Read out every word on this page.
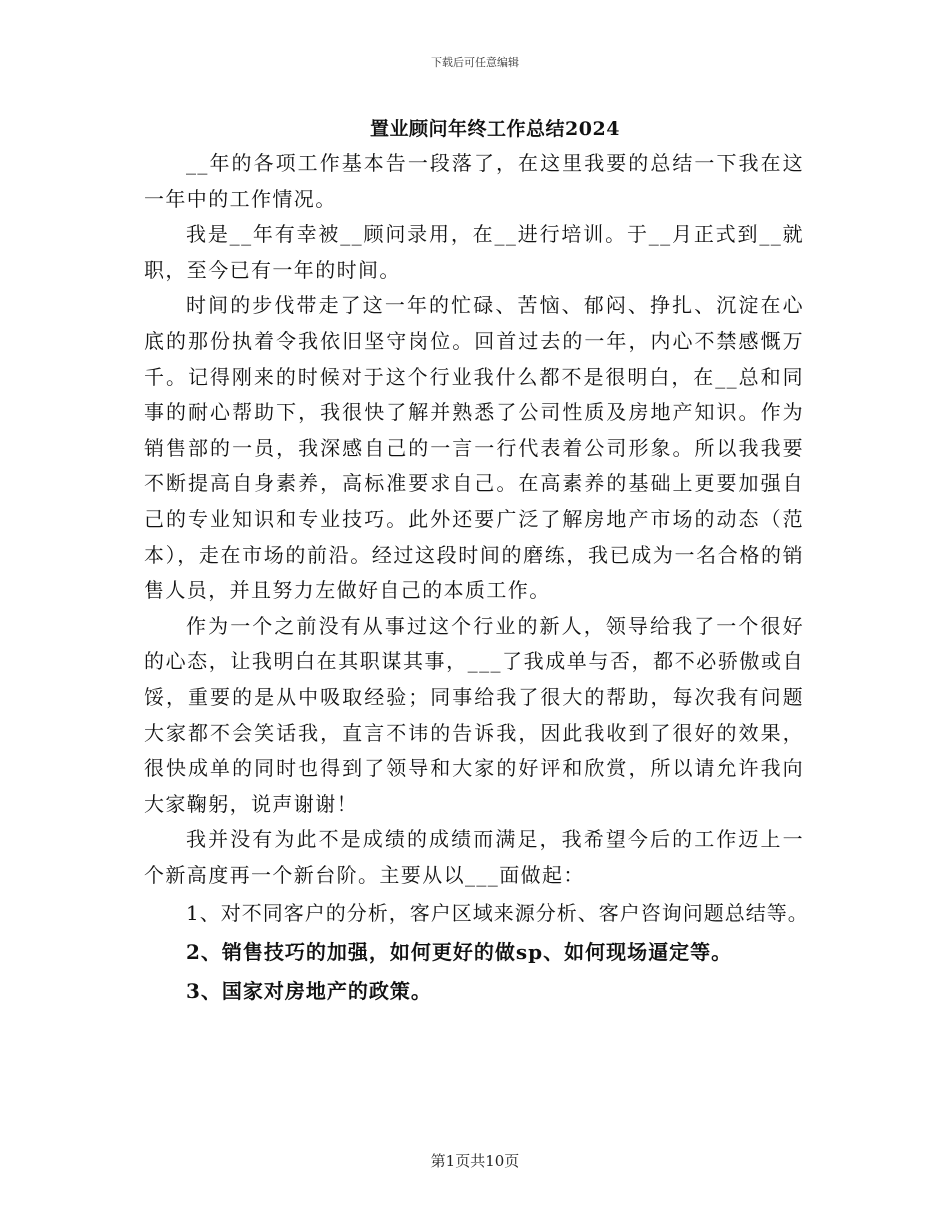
下载后可任意编辑
置业顾问年终工作总结2024

__年的各项工作基本告一段落了，在这里我要的总结一下我在这一年中的工作情况。

我是__年有幸被__顾问录用，在__进行培训。于__月正式到__就职，至今已有一年的时间。

时间的步伐带走了这一年的忙碌、苦恼、郁闷、挣扎、沉淀在心底的那份执着令我依旧坚守岗位。回首过去的一年，内心不禁感慨万千。记得刚来的时候对于这个行业我什么都不是很明白，在__总和同事的耐心帮助下，我很快了解并熟悉了公司性质及房地产知识。作为销售部的一员，我深感自己的一言一行代表着公司形象。所以我我要不断提高自身素养，高标准要求自己。在高素养的基础上更要加强自己的专业知识和专业技巧。此外还要广泛了解房地产市场的动态（范本），走在市场的前沿。经过这段时间的磨练，我已成为一名合格的销售人员，并且努力左做好自己的本质工作。

作为一个之前没有从事过这个行业的新人，领导给我了一个很好的心态，让我明白在其职谋其事，___了我成单与否，都不必骄傲或自馁，重要的是从中吸取经验；同事给我了很大的帮助，每次我有问题大家都不会笑话我，直言不讳的告诉我，因此我收到了很好的效果，很快成单的同时也得到了领导和大家的好评和欣赏，所以请允许我向大家鞠躬，说声谢谢！

我并没有为此不是成绩的成绩而满足，我希望今后的工作迈上一个新高度再一个新台阶。主要从以___面做起：

1、对不同客户的分析，客户区域来源分析、客户咨询问题总结等。

2、销售技巧的加强，如何更好的做sp、如何现场逼定等。

3、国家对房地产的政策。

第1页共10页
